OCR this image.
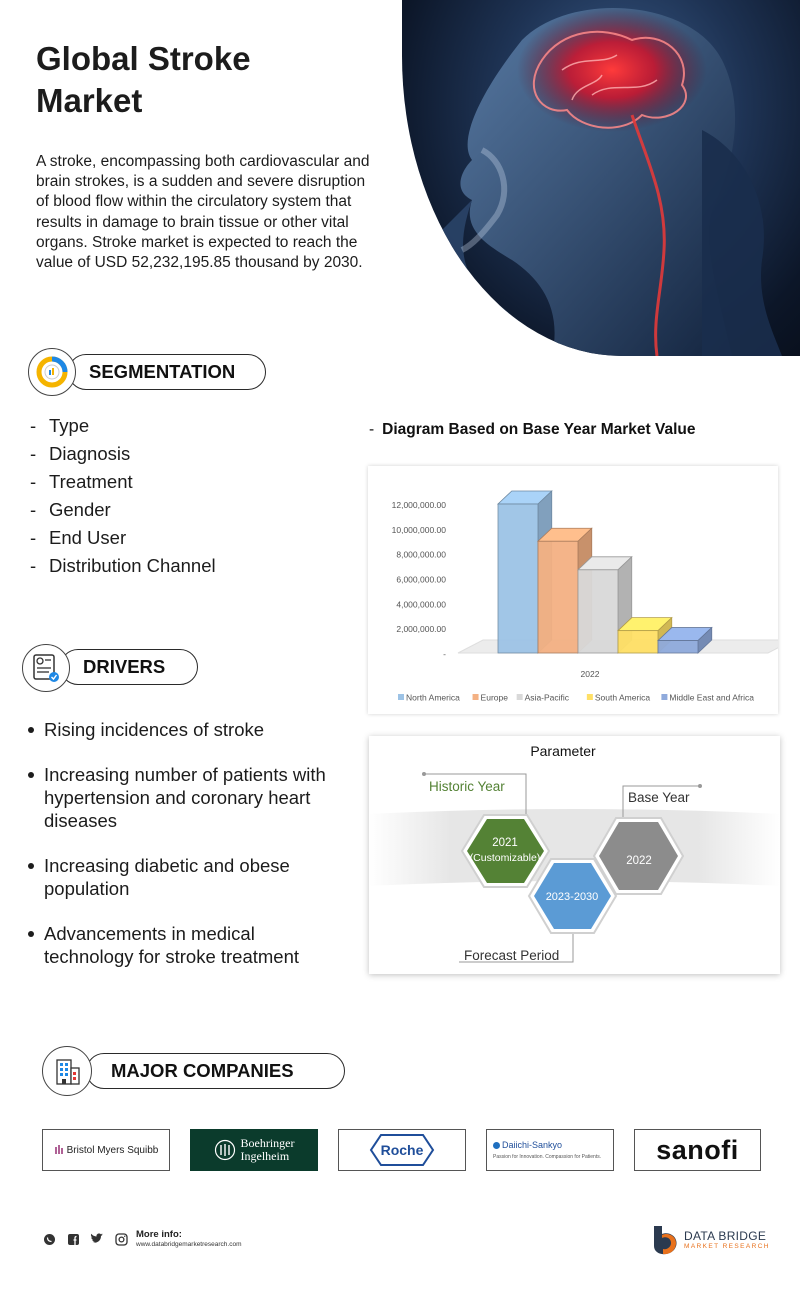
Global Stroke Market

A stroke, encompassing both cardiovascular and brain strokes, is a sudden and severe disruption of blood flow within the circulatory system that results in damage to brain tissue or other vital organs. Stroke market is expected to reach the value of USD 52,232,195.85 thousand by 2030.

SEGMENTATION
- Type
- Diagnosis
- Treatment
- Gender
- End User
- Distribution Channel
DRIVERS
Rising incidences of stroke
Increasing number of patients with hypertension and coronary heart diseases
Increasing diabetic and obese population
Advancements in medical technology for stroke treatment
- Diagram Based on Base Year Market Value
-
2,000,000.00
4,000,000.00
6,000,000.00
8,000,000.00
10,000,000.00
12,000,000.00
2022
North America Europe Asia-Pacific	South America Middle East and Africa
Parameter
Historic Year
Base Year
Forecast Period
2021
(Customizable)	2022
2023-2030
MAJOR COMPANIES
Bristol Myers Squibb	Boehringer
Ingelheim	Roche	Daiichi-Sankyo
Passion for Innovation. Compassion for Patients. sanofi
More info:
www.databridgemarketresearch.com
DATA BRIDGE
MARKET RESEARCH
